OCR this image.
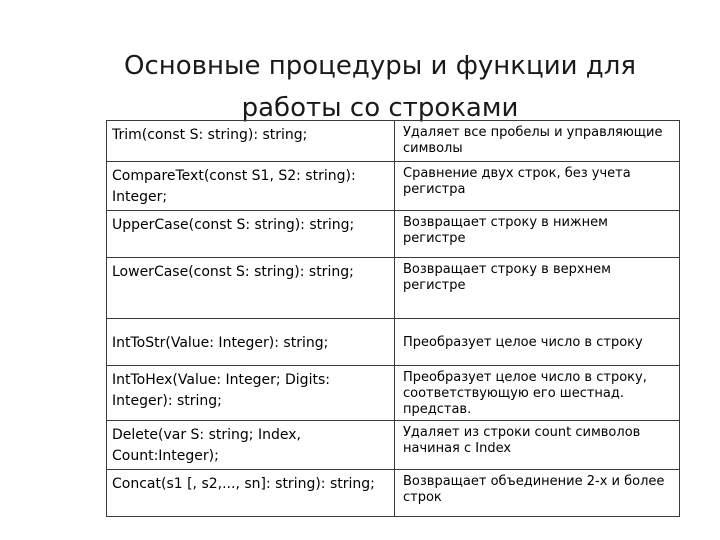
Основные процедуры и функции для
работы со строками
Trim(const S: string): string;	Удаляет все пробелы и управляющие символы
CompareText(const S1, S2: string): Integer;	Сравнение двух строк, без учета регистра
UpperCase(const S: string): string;	Возвращает строку в нижнем регистре
LowerCase(const S: string): string;	Возвращает строку в верхнем регистре
IntToStr(Value: Integer): string;	Преобразует целое число в строку
IntToHex(Value: Integer; Digits: Integer): string;	Преобразует целое число в строку, соответствующую его шестнад. представ.
Delete(var S: string; Index, Count:Integer);	Удаляет из строки count символов начиная с Index
Concat(s1 [, s2,..., sn]: string): string;	Возвращает объединение 2-х и более строк
